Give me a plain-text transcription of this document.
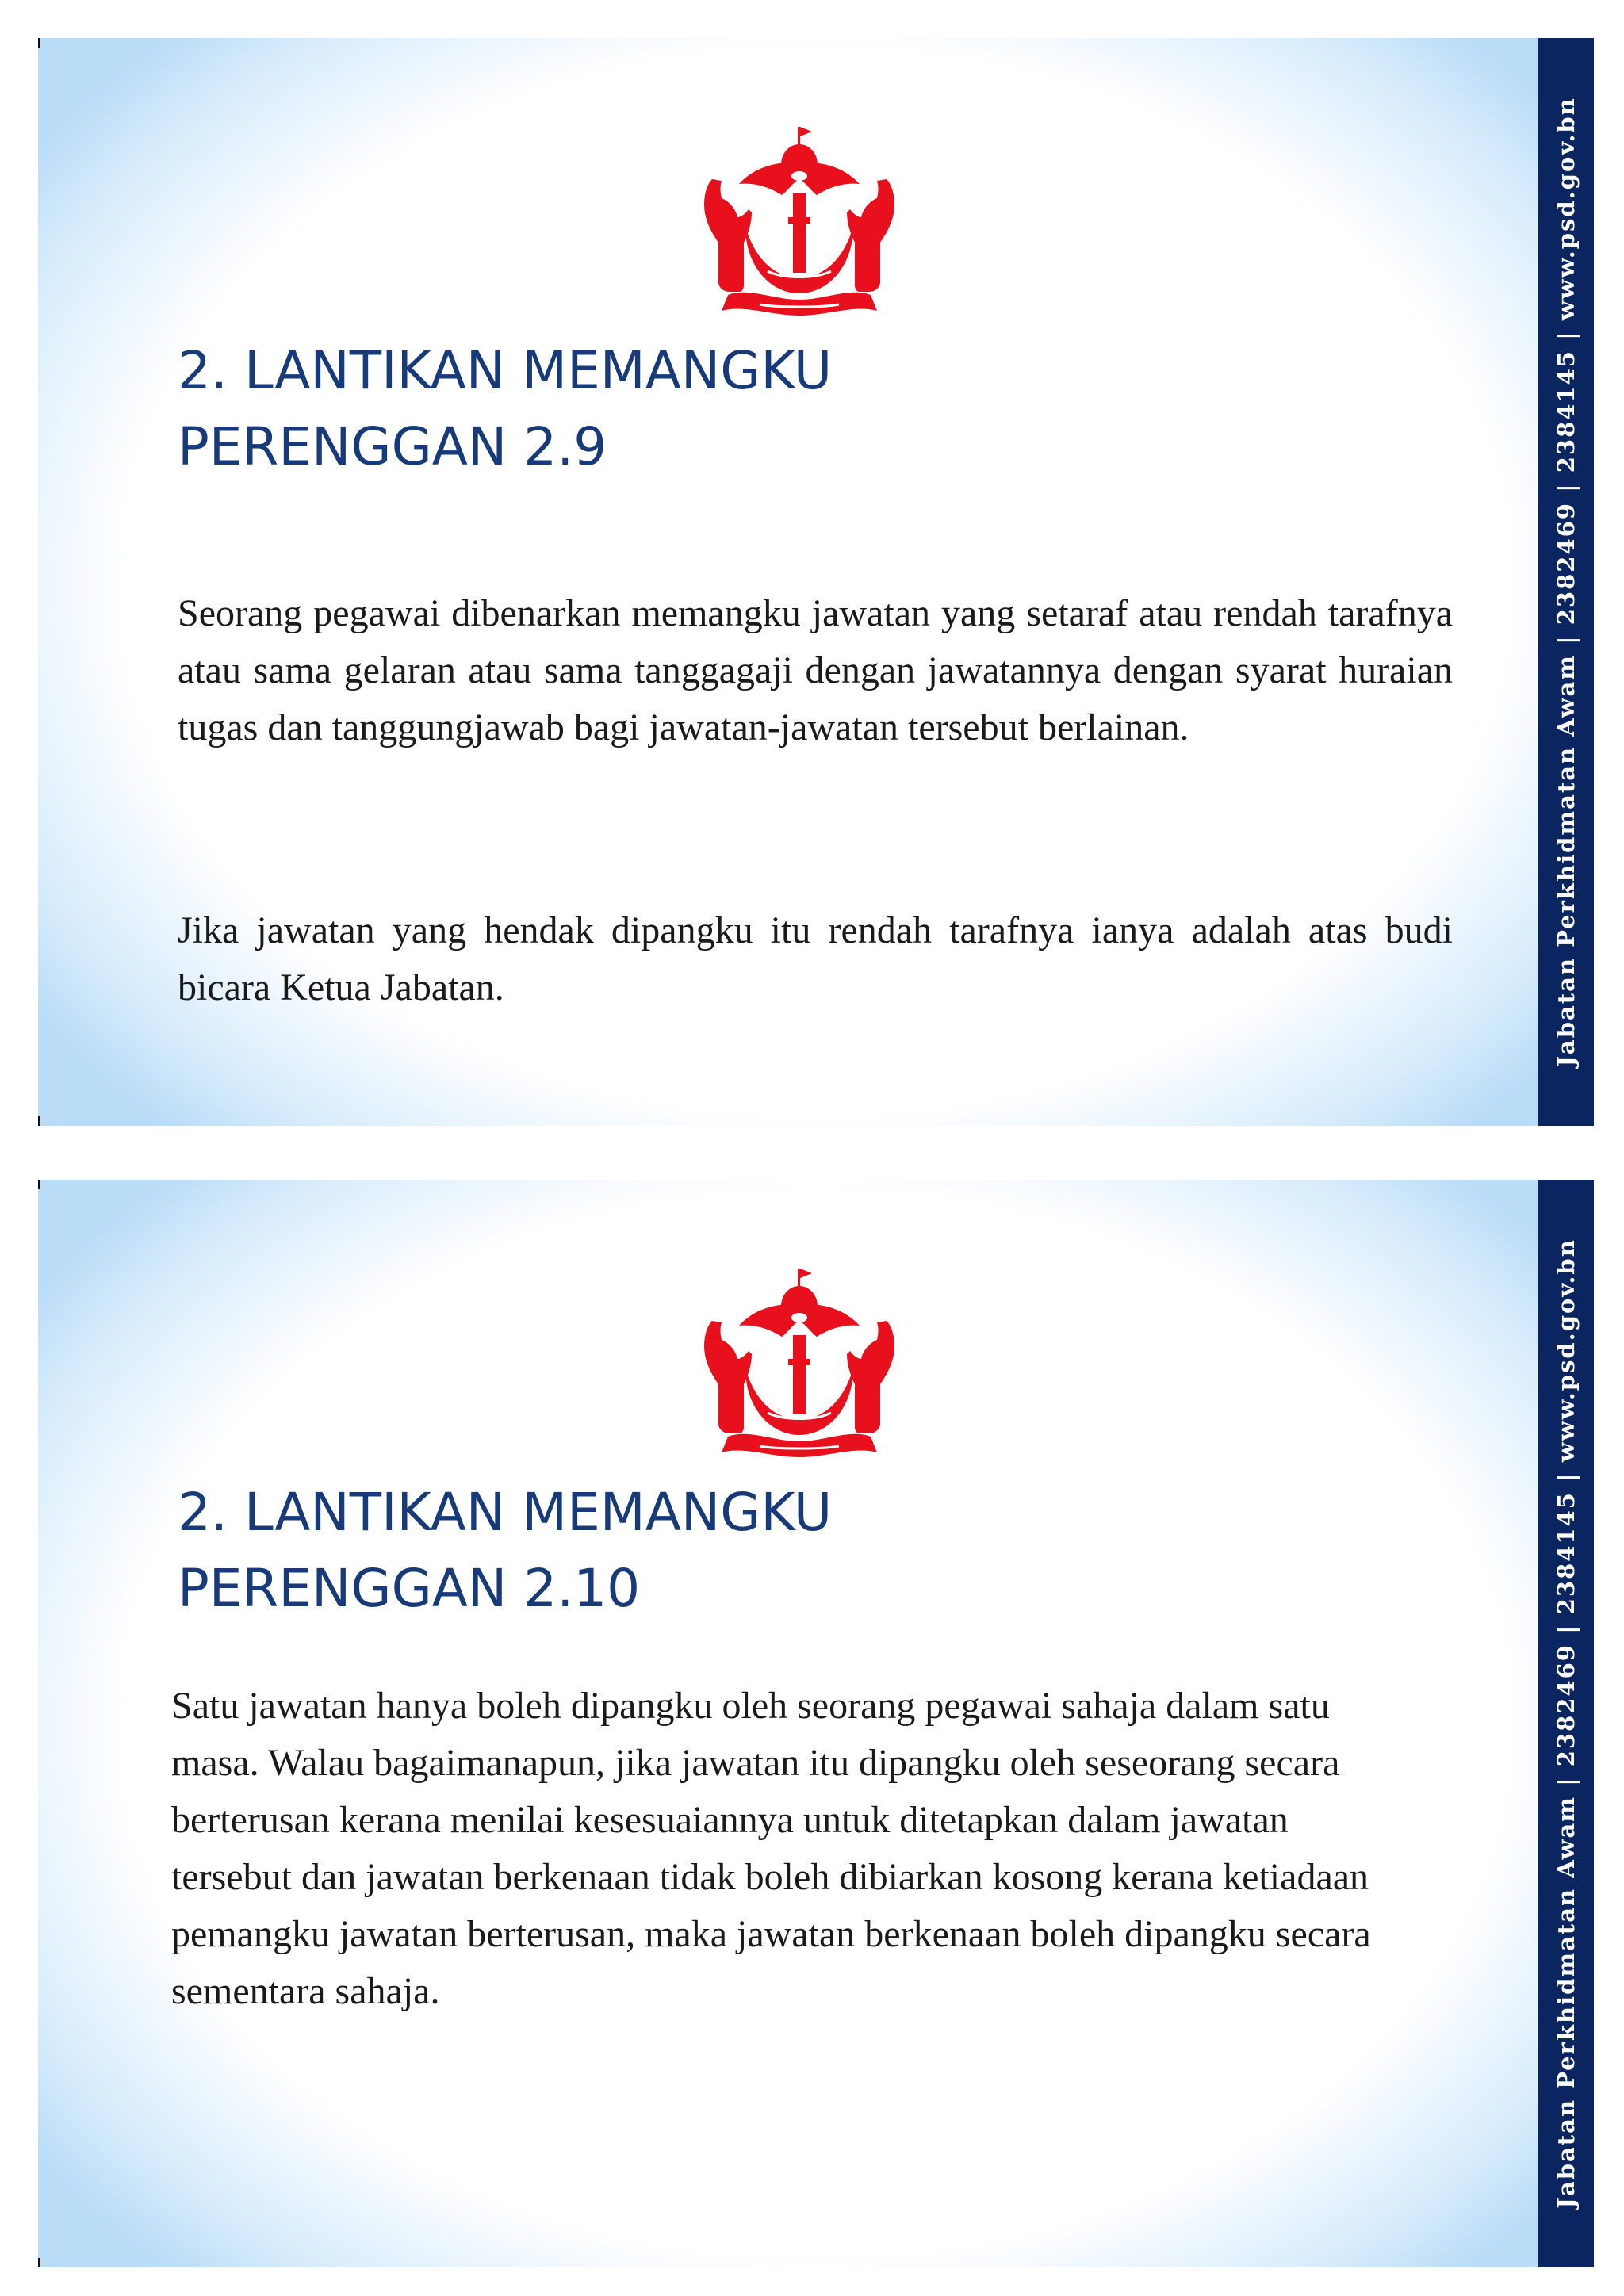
2. LANTIKAN MEMANGKU
PERENGGAN 2.9

Seorang pegawai dibenarkan memangku jawatan yang setaraf atau rendah tarafnya atau sama gelaran atau sama tanggagaji dengan jawatannya dengan syarat huraian tugas dan tanggungjawab bagi jawatan-jawatan tersebut berlainan.

Jika jawatan yang hendak dipangku itu rendah tarafnya ianya adalah atas budi bicara Ketua Jabatan.	Jabatan Perkhidmatan Awam | 2382469 | 2384145 | www.psd.gov.bn
2. LANTIKAN MEMANGKU
PERENGGAN 2.10

Satu jawatan hanya boleh dipangku oleh seorang pegawai sahaja dalam satu masa. Walau bagaimanapun, jika jawatan itu dipangku oleh seseorang secara berterusan kerana menilai kesesuaiannya untuk ditetapkan dalam jawatan tersebut dan jawatan berkenaan tidak boleh dibiarkan kosong kerana ketiadaan pemangku jawatan berterusan, maka jawatan berkenaan boleh dipangku secara sementara sahaja.	Jabatan Perkhidmatan Awam | 2382469 | 2384145 | www.psd.gov.bn
